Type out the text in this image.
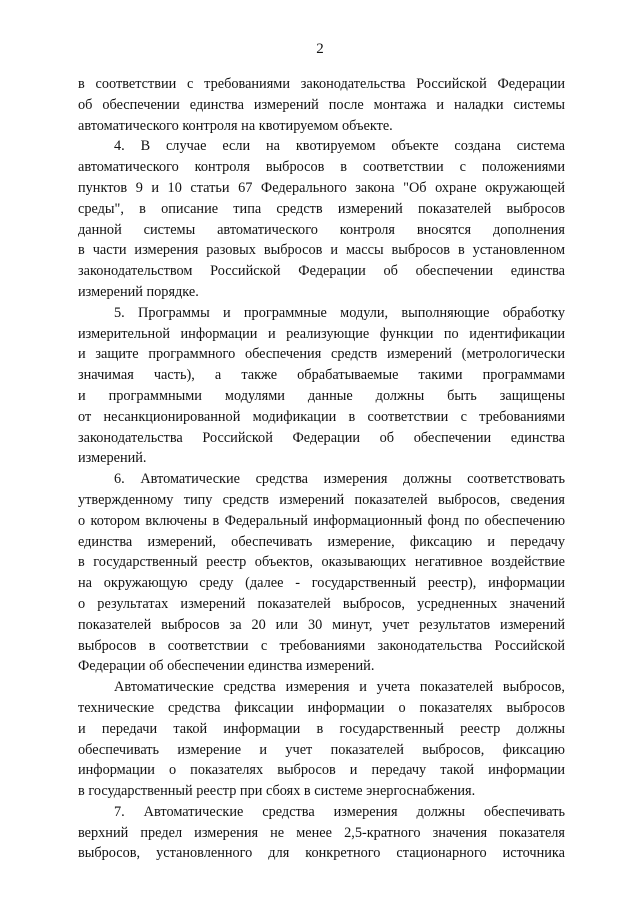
2

в соответствии с требованиями законодательства Российской Федерации
об обеспечении единства измерений после монтажа и наладки системы
автоматического контроля на квотируемом объекте.

4. В случае если на квотируемом объекте создана система
автоматического контроля выбросов в соответствии с положениями
пунктов 9 и 10 статьи 67 Федерального закона "Об охране окружающей
среды", в описание типа средств измерений показателей выбросов
данной системы автоматического контроля вносятся дополнения
в части измерения разовых выбросов и массы выбросов в установленном
законодательством Российской Федерации об обеспечении единства
измерений порядке.

5. Программы и программные модули, выполняющие обработку
измерительной информации и реализующие функции по идентификации
и защите программного обеспечения средств измерений (метрологически
значимая часть), а также обрабатываемые такими программами
и программными модулями данные должны быть защищены
от несанкционированной модификации в соответствии с требованиями
законодательства Российской Федерации об обеспечении единства
измерений.

6. Автоматические средства измерения должны соответствовать
утвержденному типу средств измерений показателей выбросов, сведения
о котором включены в Федеральный информационный фонд по обеспечению
единства измерений, обеспечивать измерение, фиксацию и передачу
в государственный реестр объектов, оказывающих негативное воздействие
на окружающую среду (далее - государственный реестр), информации
о результатах измерений показателей выбросов, усредненных значений
показателей выбросов за 20 или 30 минут, учет результатов измерений
выбросов в соответствии с требованиями законодательства Российской
Федерации об обеспечении единства измерений.

Автоматические средства измерения и учета показателей выбросов,
технические средства фиксации информации о показателях выбросов
и передачи такой информации в государственный реестр должны
обеспечивать измерение и учет показателей выбросов, фиксацию
информации о показателях выбросов и передачу такой информации
в государственный реестр при сбоях в системе энергоснабжения.

7. Автоматические средства измерения должны обеспечивать
верхний предел измерения не менее 2,5-кратного значения показателя
выбросов, установленного для конкретного стационарного источника
